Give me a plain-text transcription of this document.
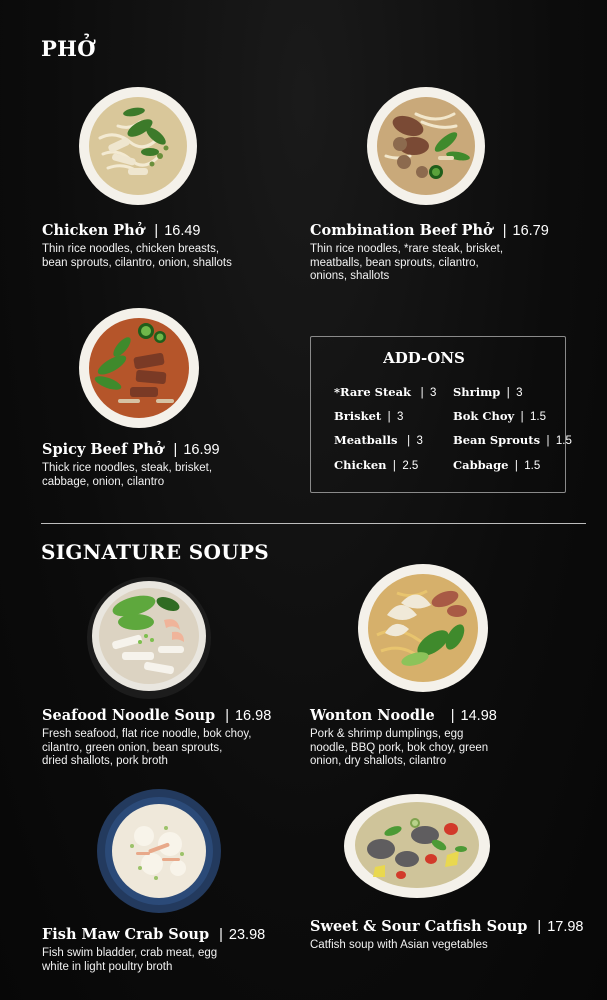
PHỞ
SIGNATURE SOUPS
Chicken Phở | 16.49
Thin rice noodles, chicken breasts,
bean sprouts, cilantro, onion, shallots
Combination Beef Phở | 16.79
Thin rice noodles, *rare steak, brisket,
meatballs, bean sprouts, cilantro,
onions, shallots
Spicy Beef Phở | 16.99
Thick rice noodles, steak, brisket,
cabbage, onion, cilantro
Seafood Noodle Soup | 16.98
Fresh seafood, flat rice noodle, bok choy,
cilantro, green onion, bean sprouts,
dried shallots, pork broth
Wonton Noodle | 14.98
Pork & shrimp dumplings, egg
noodle, BBQ pork, bok choy, green
onion, dry shallots, cilantro
Fish Maw Crab Soup | 23.98
Fish swim bladder, crab meat, egg
white in light poultry broth
Sweet & Sour Catfish Soup | 17.98
Catfish soup with Asian vegetables
ADD-ONS
*Rare Steak   |  3 Shrimp  |  3
Brisket  |  3	Bok Choy  |  1.5
Meatballs   |  3	Bean Sprouts  |  1.5
Chicken  |  2.5	Cabbage  |  1.5
